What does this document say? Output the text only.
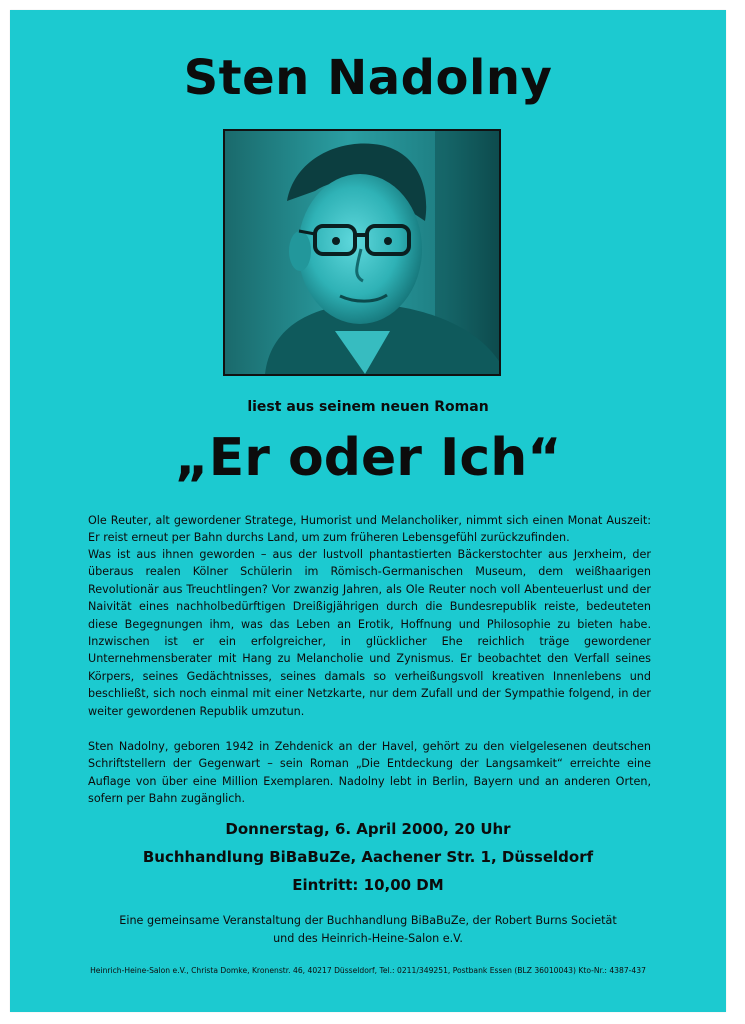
Sten Nadolny
liest aus seinem neuen Roman
„Er oder Ich“

Ole Reuter, alt gewordener Stratege, Humorist und Melancholiker, nimmt sich einen Monat Auszeit: Er reist erneut per Bahn durchs Land, um zum früheren Lebensgefühl zurückzufinden.

Was ist aus ihnen geworden – aus der lustvoll phantastierten Bäckerstochter aus Jerxheim, der überaus realen Kölner Schülerin im Römisch-Germanischen Museum, dem weißhaarigen Revolutionär aus Treuchtlingen? Vor zwanzig Jahren, als Ole Reuter noch voll Abenteuerlust und der Naivität eines nachholbedürftigen Dreißigjährigen durch die Bundesrepublik reiste, bedeuteten diese Begegnungen ihm, was das Leben an Erotik, Hoffnung und Philosophie zu bieten habe. Inzwischen ist er ein erfolgreicher, in glücklicher Ehe reichlich träge gewordener Unternehmensberater mit Hang zu Melancholie und Zynismus. Er beobachtet den Verfall seines Körpers, seines Gedächtnisses, seines damals so verheißungsvoll kreativen Innenlebens und beschließt, sich noch einmal mit einer Netzkarte, nur dem Zufall und der Sympathie folgend, in der weiter gewordenen Republik umzutun.

Sten Nadolny, geboren 1942 in Zehdenick an der Havel, gehört zu den vielgelesenen deutschen Schriftstellern der Gegenwart – sein Roman „Die Entdeckung der Langsamkeit“ erreichte eine Auflage von über eine Million Exemplaren. Nadolny lebt in Berlin, Bayern und an anderen Orten, sofern per Bahn zugänglich.

Donnerstag, 6. April 2000, 20 Uhr
Buchhandlung BiBaBuZe, Aachener Str. 1, Düsseldorf
Eintritt: 10,00 DM
Eine gemeinsame Veranstaltung der Buchhandlung BiBaBuZe, der Robert Burns Societät und des Heinrich-Heine-Salon e.V.
Heinrich-Heine-Salon e.V., Christa Domke, Kronenstr. 46, 40217 Düsseldorf, Tel.: 0211/349251, Postbank Essen (BLZ 36010043) Kto-Nr.: 4387-437
